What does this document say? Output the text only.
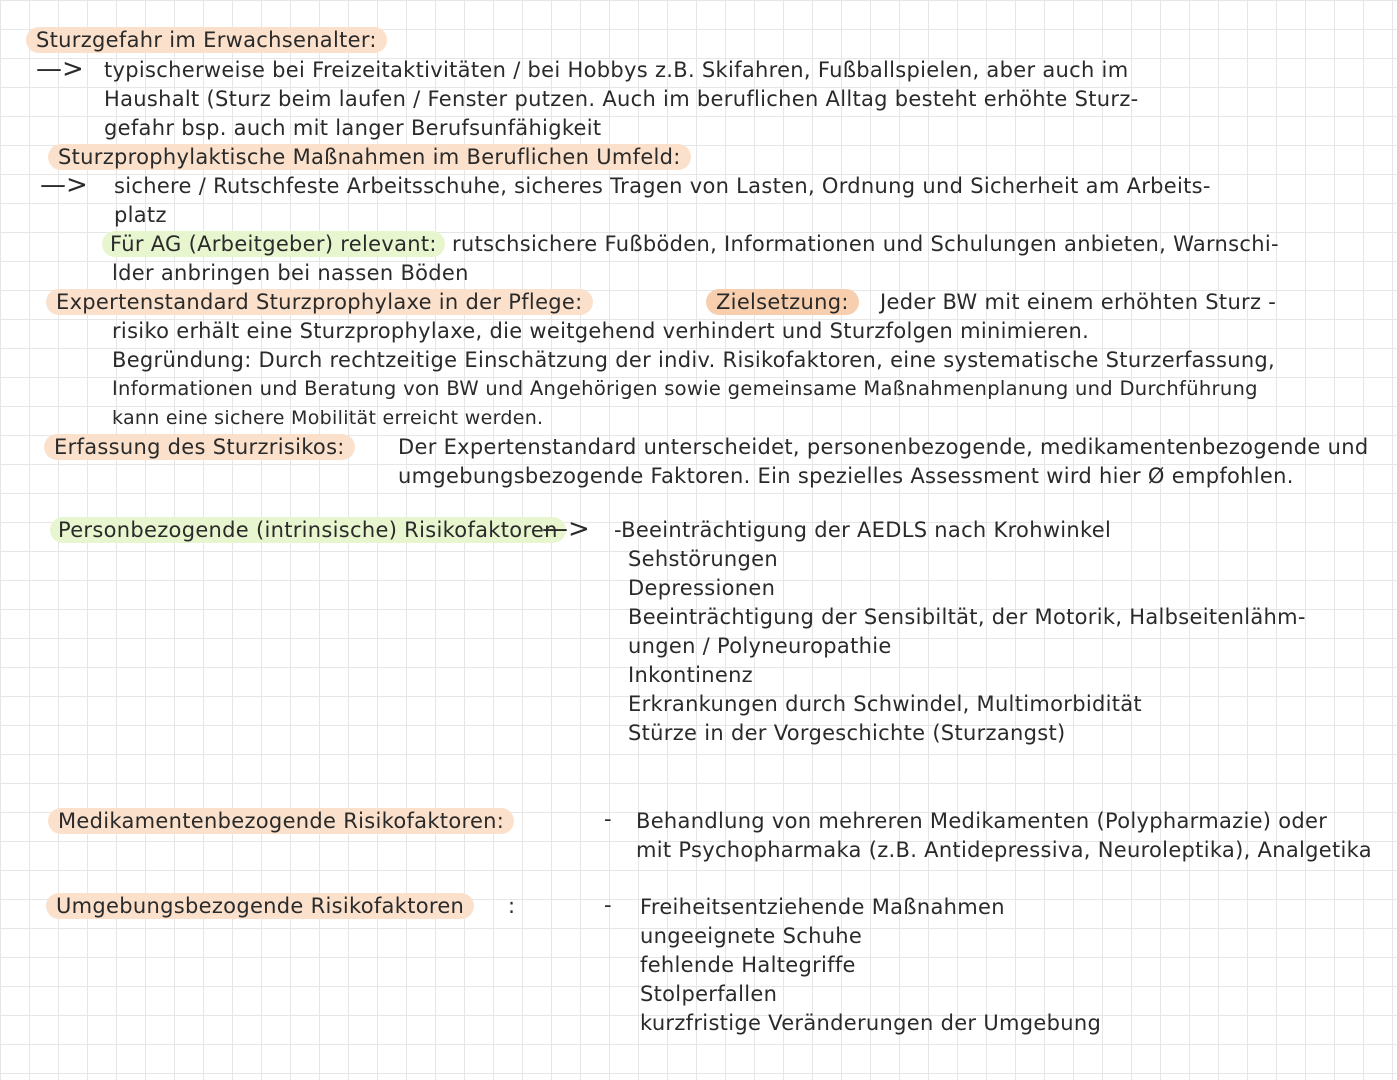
Sturzgefahr im Erwachsenalter:
—> typischerweise bei Freizeitaktivitäten / bei Hobbys z.B. Skifahren, Fußballspielen, aber auch im
Haushalt (Sturz beim laufen / Fenster putzen. Auch im beruflichen Alltag besteht erhöhte Sturz-
gefahr bsp. auch mit langer Berufsunfähigkeit
Sturzprophylaktische Maßnahmen im Beruflichen Umfeld:
—> sichere / Rutschfeste Arbeitsschuhe, sicheres Tragen von Lasten, Ordnung und Sicherheit am Arbeits-
platz
Für AG (Arbeitgeber) relevant: rutschsichere Fußböden, Informationen und Schulungen anbieten, Warnschi-
lder anbringen bei nassen Böden
Expertenstandard Sturzprophylaxe in der Pflege:	Zielsetzung:	Jeder BW mit einem erhöhten Sturz -
risiko erhält eine Sturzprophylaxe, die weitgehend verhindert und Sturzfolgen minimieren.
Begründung: Durch rechtzeitige Einschätzung der indiv. Risikofaktoren, eine systematische Sturzerfassung,
Informationen und Beratung von BW und Angehörigen sowie gemeinsame Maßnahmenplanung und Durchführung
kann eine sichere Mobilität erreicht werden.
Erfassung des Sturzrisikos:	Der Expertenstandard unterscheidet, personenbezogende, medikamentenbezogende und
umgebungsbezogende Faktoren. Ein spezielles Assessment wird hier Ø empfohlen.
Personbezogende (intrinsische) Risikofaktoren
—> -Beeinträchtigung der AEDLS nach Krohwinkel
Sehstörungen
Depressionen
Beeinträchtigung der Sensibiltät, der Motorik, Halbseitenlähm-
ungen / Polyneuropathie
Inkontinenz
Erkrankungen durch Schwindel, Multimorbidität
Stürze in der Vorgeschichte (Sturzangst)
Medikamentenbezogende Risikofaktoren:	- Behandlung von mehreren Medikamenten (Polypharmazie) oder
mit Psychopharmaka (z.B. Antidepressiva, Neuroleptika), Analgetika
Umgebungsbezogende Risikofaktoren	:	- Freiheitsentziehende Maßnahmen
ungeeignete Schuhe
fehlende Haltegriffe
Stolperfallen
kurzfristige Veränderungen der Umgebung
